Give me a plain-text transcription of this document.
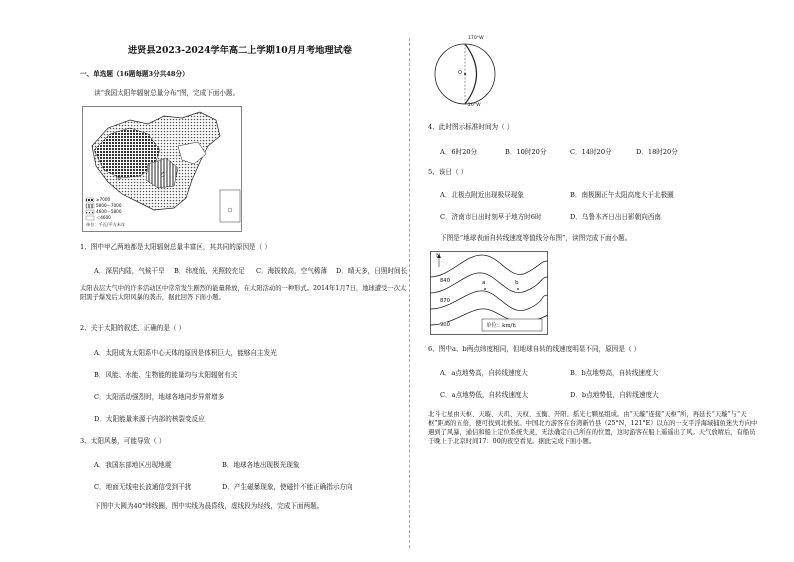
进贤县2023-2024学年高二上学期10月月考地理试卷
一、单选题（16题每题3分共48分）
读“我国太阳年辐射总量分布”图，完成下面小题。
甲
乙
≥7000
5800～7000
4600～5800
＜4600
单位：千瓦/平方米年
1、图中甲乙两地都是太阳辐射总量丰富区，其共同的原因是（ ）
A．深居内陆，气候干旱 B．纬度低，光照较充足 C．海拔较高，空气稀薄 D．晴天多，日照时间长
太阳表层大气中的许多活动区中常常发生剧烈的能量释放，在太阳活动的一种形式。2014年1月7日，地球遭受一次太阳黑子爆发后太阳风暴的袭击，据此回答下面小题。
2、关于太阳的叙述，正确的是（ ）
A．太阳成为太阳系中心天体的原因是体积巨大，能够自主发光
B．风能、水能、生物能的能量均与太阳辐射有关
C．太阳活动强烈时，地球各地同步异常增多
D．太阳能量来源于内部的核裂变反应
3、太阳风暴，可能导致（ ）
A．我国东部地区出现地震	B．地球各地出现极光现象
C．地面无线电长波通信受到干扰	D．产生磁暴现象，使磁针不能正确指示方向
下图中大圆为40°纬线圈，图中实线为晨昏线，虚线段为经线，完成下面两题。
170°W
O
20°W
4、此时图示标准时间为（ ）
A．6时20分	B．10时20分	C．14时20分	D．18时20分
5、该日（ ）
A．北极点附近出现极昼现象	B．南极圈正午太阳高度大于北极圈
C．济南市日出时刻早于地方时6时	D．乌鲁木齐日出日影朝向西南
下图是“地球表面自转线速度等值线分布图”，读图完成下面小题。
N
840
870
900
a	b
单位：km/h
6、图中a、b两点纬度相同，但地球自转的线速度明显不同，原因是（ ）
A．a点地势高，自转线速度大	B．b点地势高，自转线速度大
C．a点地势低，自转线速度大	D．b点地势低，自转线速度大
北斗七星由天枢、天璇、天玑、天权、玉衡、开阳、摇光七颗星组成。由“天璇”连接“天枢”所，再延长“天璇”与“天枢”距离的五倍，便可找到北极星。中国北方游客在台湾新竹县（25°N，121°E）以东的一支平浮海域捕鱼迷失方向中遇到了风暴，通信和船上定位系统失灵，无法确定自己所在的位置，这时游客在船上遥遥出了风。天气放晴后，有船员于晚上于北京时间17：00的夜空看见。据此完成下面小题。
